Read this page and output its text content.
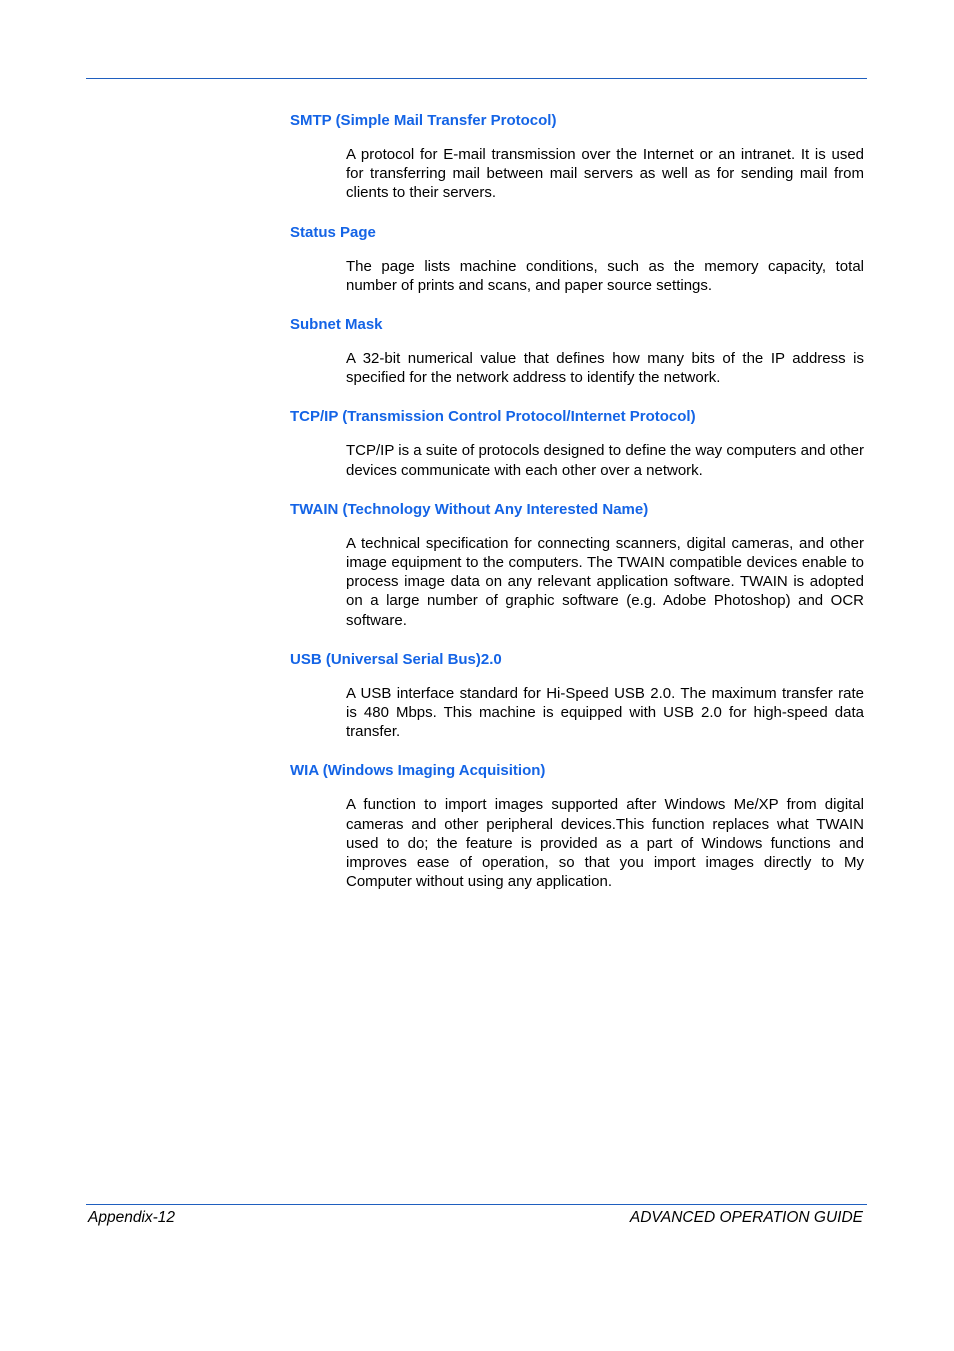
SMTP (Simple Mail Transfer Protocol)

A protocol for E-mail transmission over the Internet or an intranet. It is used for transferring mail between mail servers as well as for sending mail from clients to their servers.

Status Page

The page lists machine conditions, such as the memory capacity, total number of prints and scans, and paper source settings.

Subnet Mask

A 32-bit numerical value that defines how many bits of the IP address is specified for the network address to identify the network.

TCP/IP (Transmission Control Protocol/Internet Protocol)

TCP/IP is a suite of protocols designed to define the way computers and other devices communicate with each other over a network.

TWAIN (Technology Without Any Interested Name)

A technical specification for connecting scanners, digital cameras, and other image equipment to the computers. The TWAIN compatible devices enable to process image data on any relevant application software. TWAIN is adopted on a large number of graphic software (e.g. Adobe Photoshop) and OCR software.

USB (Universal Serial Bus)2.0

A USB interface standard for Hi-Speed USB 2.0. The maximum transfer rate is 480 Mbps. This machine is equipped with USB 2.0 for high-speed data transfer.

WIA (Windows Imaging Acquisition)

A function to import images supported after Windows Me/XP from digital cameras and other peripheral devices.This function replaces what TWAIN used to do; the feature is provided as a part of Windows functions and improves ease of operation, so that you import images directly to My Computer without using any application.

Appendix-12	ADVANCED OPERATION GUIDE
